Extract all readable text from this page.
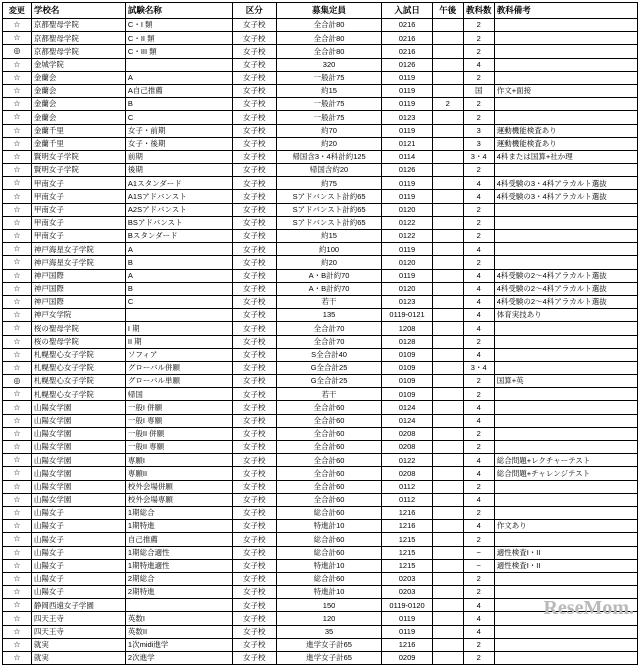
変更	学校名	試験名称	区分	募集定員	入試日	午後	教科数	教科備考
☆	京都聖母学院	C・I 類	女子校	全合計80	0216		2	
☆	京都聖母学院	C・II 類	女子校	全合計80	0216		2	
◎	京都聖母学院	C・III 類	女子校	全合計80	0216		2	
☆	金城学院		女子校	320	0126		4	
☆	金蘭会	A	女子校	一般計75	0119		2	
☆	金蘭会	A自己推薦	女子校	約15	0119		国	作文+面接
☆	金蘭会	B	女子校	一般計75	0119	2	2	
☆	金蘭会	C	女子校	一般計75	0123		2	
☆	金蘭千里	女子・前期	女子校	約70	0119		3	運動機能検査あり
☆	金蘭千里	女子・後期	女子校	約20	0121		3	運動機能検査あり
☆	賢明女子学院	前期	女子校	帰国含3・4科計約125	0114		3・4	4科または国算+社か理
☆	賢明女子学院	後期	女子校	帰国含約20	0126		2	
☆	甲南女子	A1スタンダード	女子校	約75	0119		4	4科受験の3・4科アラカルト選抜
☆	甲南女子	A1Sアドバンスト	女子校	Sアドバンスト計約65	0119		4	4科受験の3・4科アラカルト選抜
☆	甲南女子	A2Sアドバンスト	女子校	Sアドバンスト計約65	0120		2	
☆	甲南女子	BSアドバンスト	女子校	Sアドバンスト計約65	0122		2	
☆	甲南女子	Bスタンダード	女子校	約15	0122		2	
☆	神戸海星女子学院	A	女子校	約100	0119		4	
☆	神戸海星女子学院	B	女子校	約20	0120		2	
☆	神戸国際	A	女子校	A・B計約70	0119		4	4科受験の2～4科アラカルト選抜
☆	神戸国際	B	女子校	A・B計約70	0120		4	4科受験の2～4科アラカルト選抜
☆	神戸国際	C	女子校	若干	0123		4	4科受験の2～4科アラカルト選抜
☆	神戸女学院		女子校	135	0119-0121		4	体育実技あり
☆	桜の聖母学院	I 期	女子校	全合計70	1208		4	
☆	桜の聖母学院	II 期	女子校	全合計70	0128		2	
☆	札幌聖心女子学院	ソフィア	女子校	S全合計40	0109		4	
☆	札幌聖心女子学院	グローバル併願	女子校	G全合計25	0109		3・4	
◎	札幌聖心女子学院	グローバル単願	女子校	G全合計25	0109		2	国算+英
☆	札幌聖心女子学院	帰国	女子校	若干	0109		2	
☆	山陽女学園	一般I 併願	女子校	全合計60	0124		4	
☆	山陽女学園	一般I 専願	女子校	全合計60	0124		4	
☆	山陽女学園	一般II 併願	女子校	全合計60	0208		2	
☆	山陽女学園	一般II 専願	女子校	全合計60	0208		2	
☆	山陽女学園	専願I	女子校	全合計60	0122		4	総合問題+レクチャーテスト
☆	山陽女学園	専願II	女子校	全合計60	0208		4	総合問題+チャレンジテスト
☆	山陽女学園	校外会場併願	女子校	全合計60	0112		2	
☆	山陽女学園	校外会場専願	女子校	全合計60	0112		4	
☆	山陽女子	1期総合	女子校	総合計60	1216		2	
☆	山陽女子	1期特進	女子校	特進計10	1216		4	作文あり
☆	山陽女子	自己推薦	女子校	総合計60	1215		2	
☆	山陽女子	1期総合適性	女子校	総合計60	1215		−	適性検査I・II
☆	山陽女子	1期特進適性	女子校	特進計10	1215		−	適性検査I・II
☆	山陽女子	2期総合	女子校	総合計60	0203		2	
☆	山陽女子	2期特進	女子校	特進計10	0203		2	
☆	静岡西遠女子学園		女子校	150	0119-0120		4	
☆	四天王寺	英数I	女子校	120	0119		4	
☆	四天王寺	英数II	女子校	35	0119		4	
☆	就実	1次midi進学	女子校	進学女子計65	1216		2	
☆	就実	2次進学	女子校	進学女子計65	0209		2	
ReseMom.
